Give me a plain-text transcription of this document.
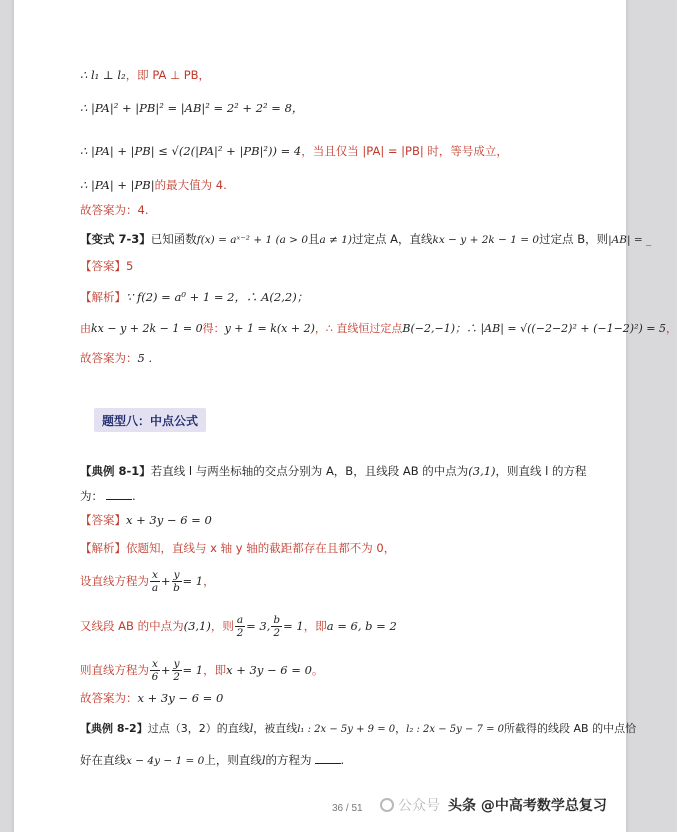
∴ l₁ ⊥ l₂，即 PA ⊥ PB，
∴ |PA|² + |PB|² = |AB|² = 2² + 2² = 8，
∴ |PA| + |PB| ≤ √(2(|PA|² + |PB|²)) = 4，当且仅当 |PA| = |PB| 时，等号成立，
∴ |PA| + |PB|的最大值为 4.
故答案为：4.
【变式 7-3】已知函数f(x) = aˣ⁻² + 1 (a > 0且a ≠ 1)过定点 A，直线kx − y + 2k − 1 = 0过定点 B，则|AB| = _
【答案】5
【解析】∵ f(2) = a⁰ + 1 = 2，∴ A(2,2)；
由kx − y + 2k − 1 = 0得：y + 1 = k(x + 2)，∴ 直线恒过定点B(−2,−1)；∴ |AB| = √((−2−2)² + (−1−2)²) = 5，
故答案为：5 .
题型八：中点公式
【典例 8-1】若直线 l 与两坐标轴的交点分别为 A，B，且线段 AB 的中点为(3,1)，则直线 l 的方程
为：	.
【答案】x + 3y − 6 = 0
【解析】依题知，直线与 x 轴 y 轴的截距都存在且都不为 0，
设直线方程为 $\frac{x}{a} + \frac{y}{b} = 1$，
又线段 AB 的中点为(3,1)，则 $\frac{a}{2} = 3$, $\frac{b}{2} = 1$，即a = 6, b = 2
则直线方程为 $\frac{x}{6} + \frac{y}{2} = 1$，即x + 3y − 6 = 0。
故答案为：x + 3y − 6 = 0
【典例 8-2】过点（3，2）的直线l，被直线l₁ : 2x − 5y + 9 = 0，l₂ : 2x − 5y − 7 = 0所截得的线段 AB 的中点恰
好在直线x − 4y − 1 = 0上，则直线l的方程为	.
36 / 51	公众号 头条 @中高考数学总复习
